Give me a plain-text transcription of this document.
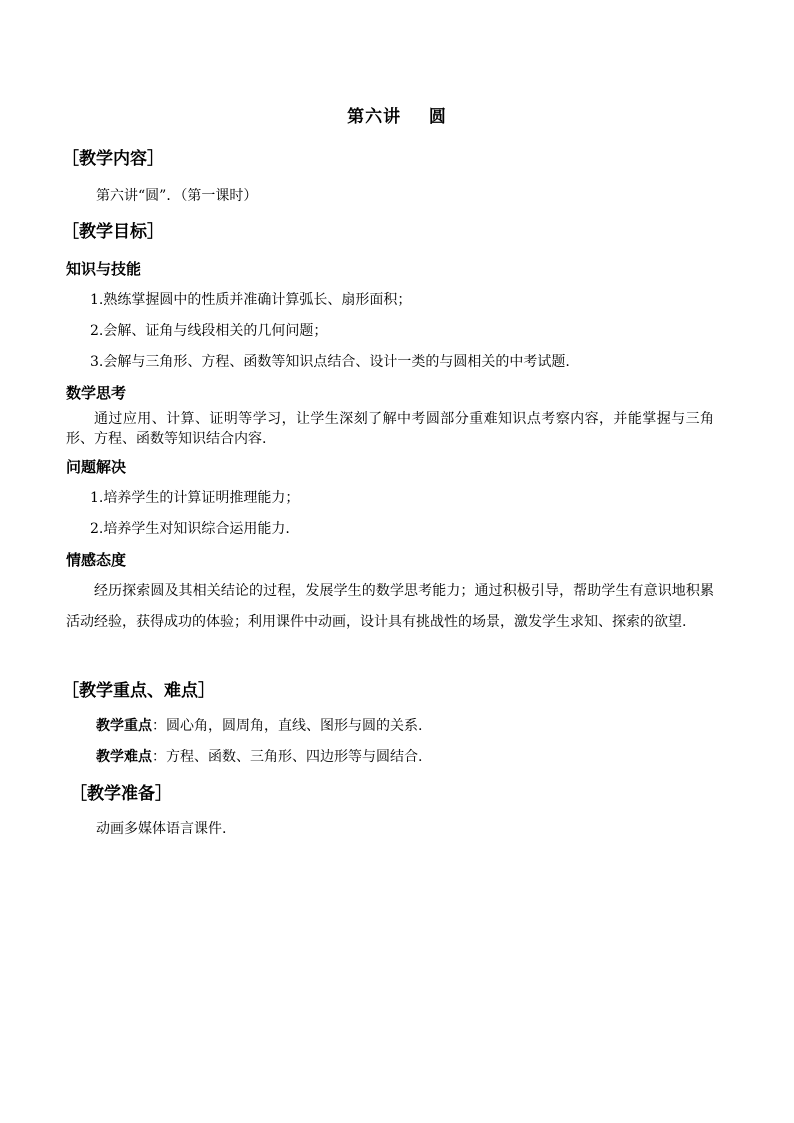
第六讲    圆
［教学内容］
第六讲“圆”．（第一课时）
［教学目标］
知识与技能
1.熟练掌握圆中的性质并准确计算弧长、扇形面积；
2.会解、证角与线段相关的几何问题；
3.会解与三角形、方程、函数等知识点结合、设计一类的与圆相关的中考试题.
数学思考
通过应用、计算、证明等学习，让学生深刻了解中考圆部分重难知识点考察内容，并能掌握与三角形、方程、函数等知识结合内容.
问题解决
1.培养学生的计算证明推理能力；
2.培养学生对知识综合运用能力.
情感态度
经历探索圆及其相关结论的过程，发展学生的数学思考能力；通过积极引导，帮助学生有意识地积累活动经验，获得成功的体验；利用课件中动画，设计具有挑战性的场景，激发学生求知、探索的欲望.
［教学重点、难点］
教学重点：圆心角，圆周角，直线、图形与圆的关系.
教学难点：方程、函数、三角形、四边形等与圆结合.
［教学准备］
动画多媒体语言课件.
